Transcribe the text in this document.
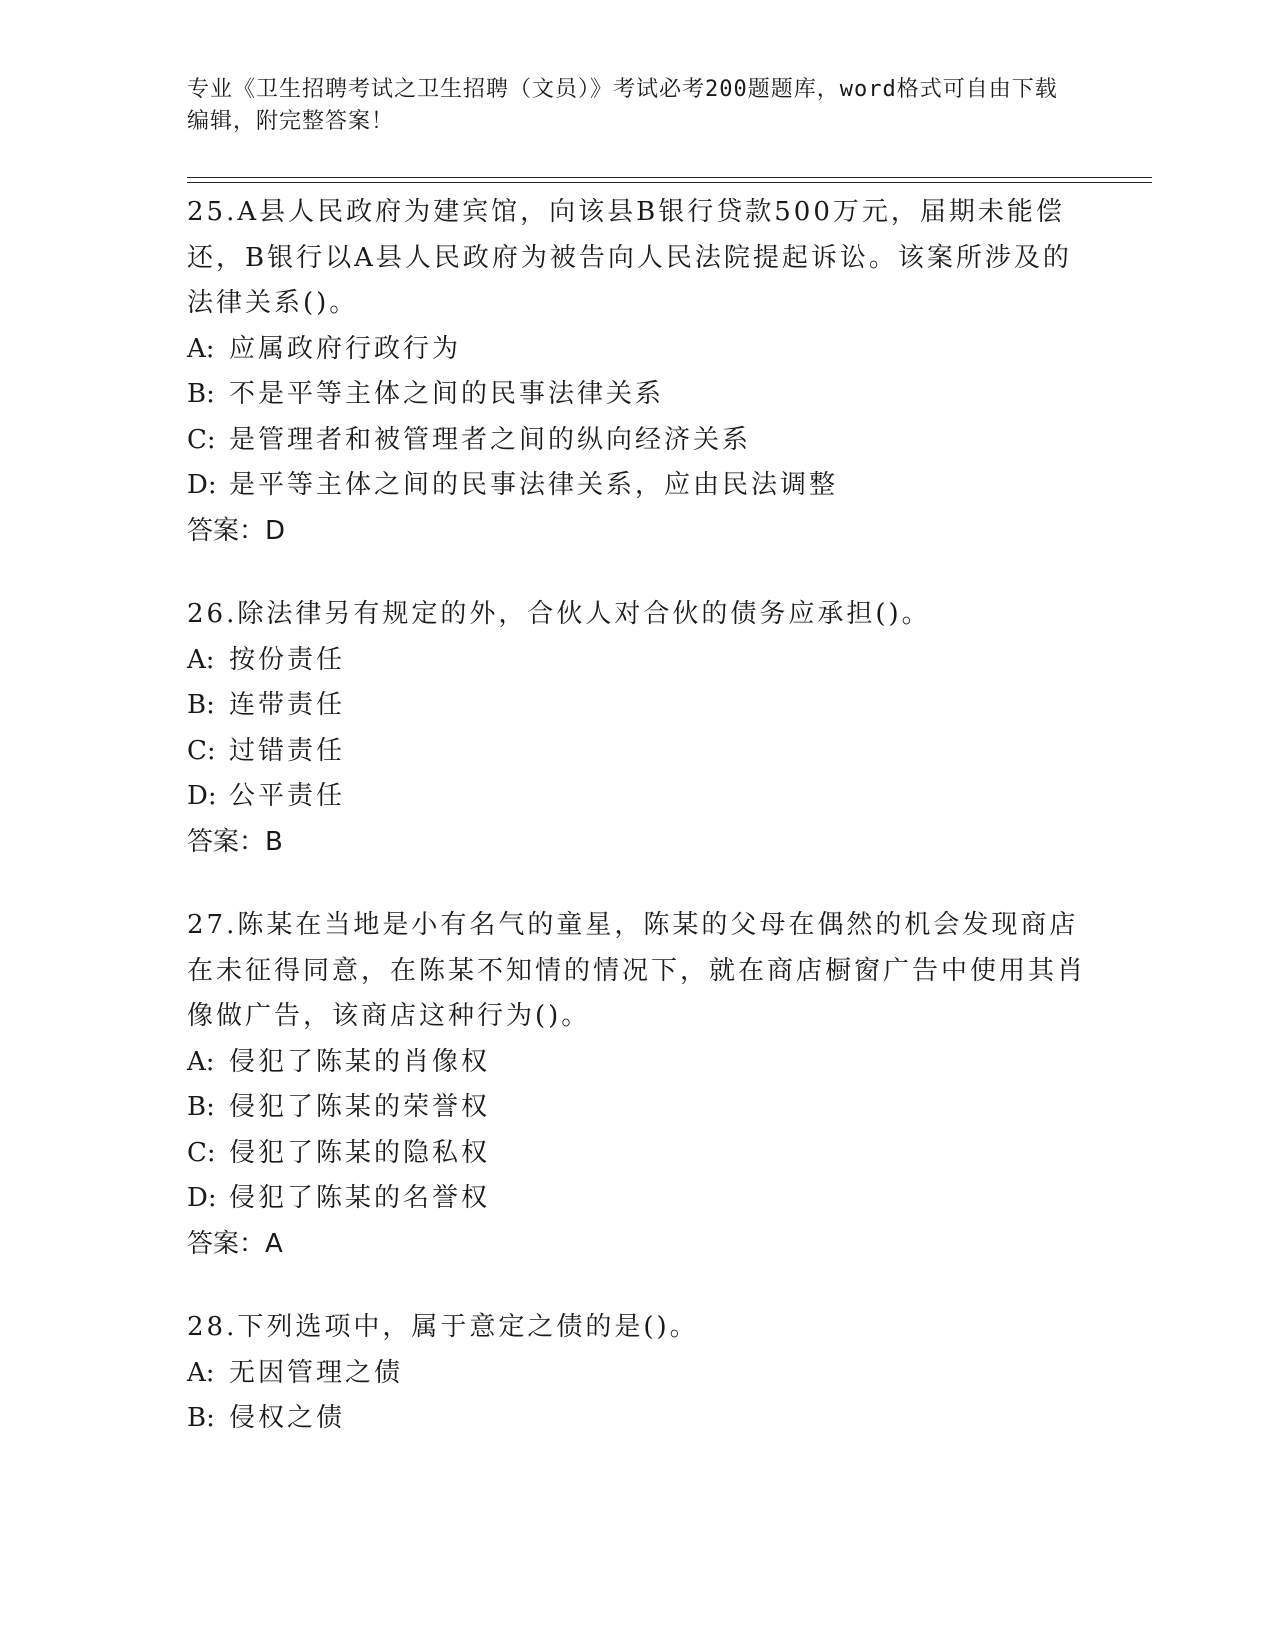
专业《卫生招聘考试之卫生招聘（文员）》考试必考200题题库，word格式可自由下载编辑，附完整答案！

25.A县人民政府为建宾馆，向该县B银行贷款500万元，届期未能偿还，B银行以A县人民政府为被告向人民法院提起诉讼。该案所涉及的法律关系()。

A: 应属政府行政行为

B: 不是平等主体之间的民事法律关系

C: 是管理者和被管理者之间的纵向经济关系

D: 是平等主体之间的民事法律关系，应由民法调整

答案：D

26.除法律另有规定的外，合伙人对合伙的债务应承担()。

A: 按份责任

B: 连带责任

C: 过错责任

D: 公平责任

答案：B

27.陈某在当地是小有名气的童星，陈某的父母在偶然的机会发现商店在未征得同意，在陈某不知情的情况下，就在商店橱窗广告中使用其肖像做广告，该商店这种行为()。

A: 侵犯了陈某的肖像权

B: 侵犯了陈某的荣誉权

C: 侵犯了陈某的隐私权

D: 侵犯了陈某的名誉权

答案：A

28.下列选项中，属于意定之债的是()。

A: 无因管理之债

B: 侵权之债
